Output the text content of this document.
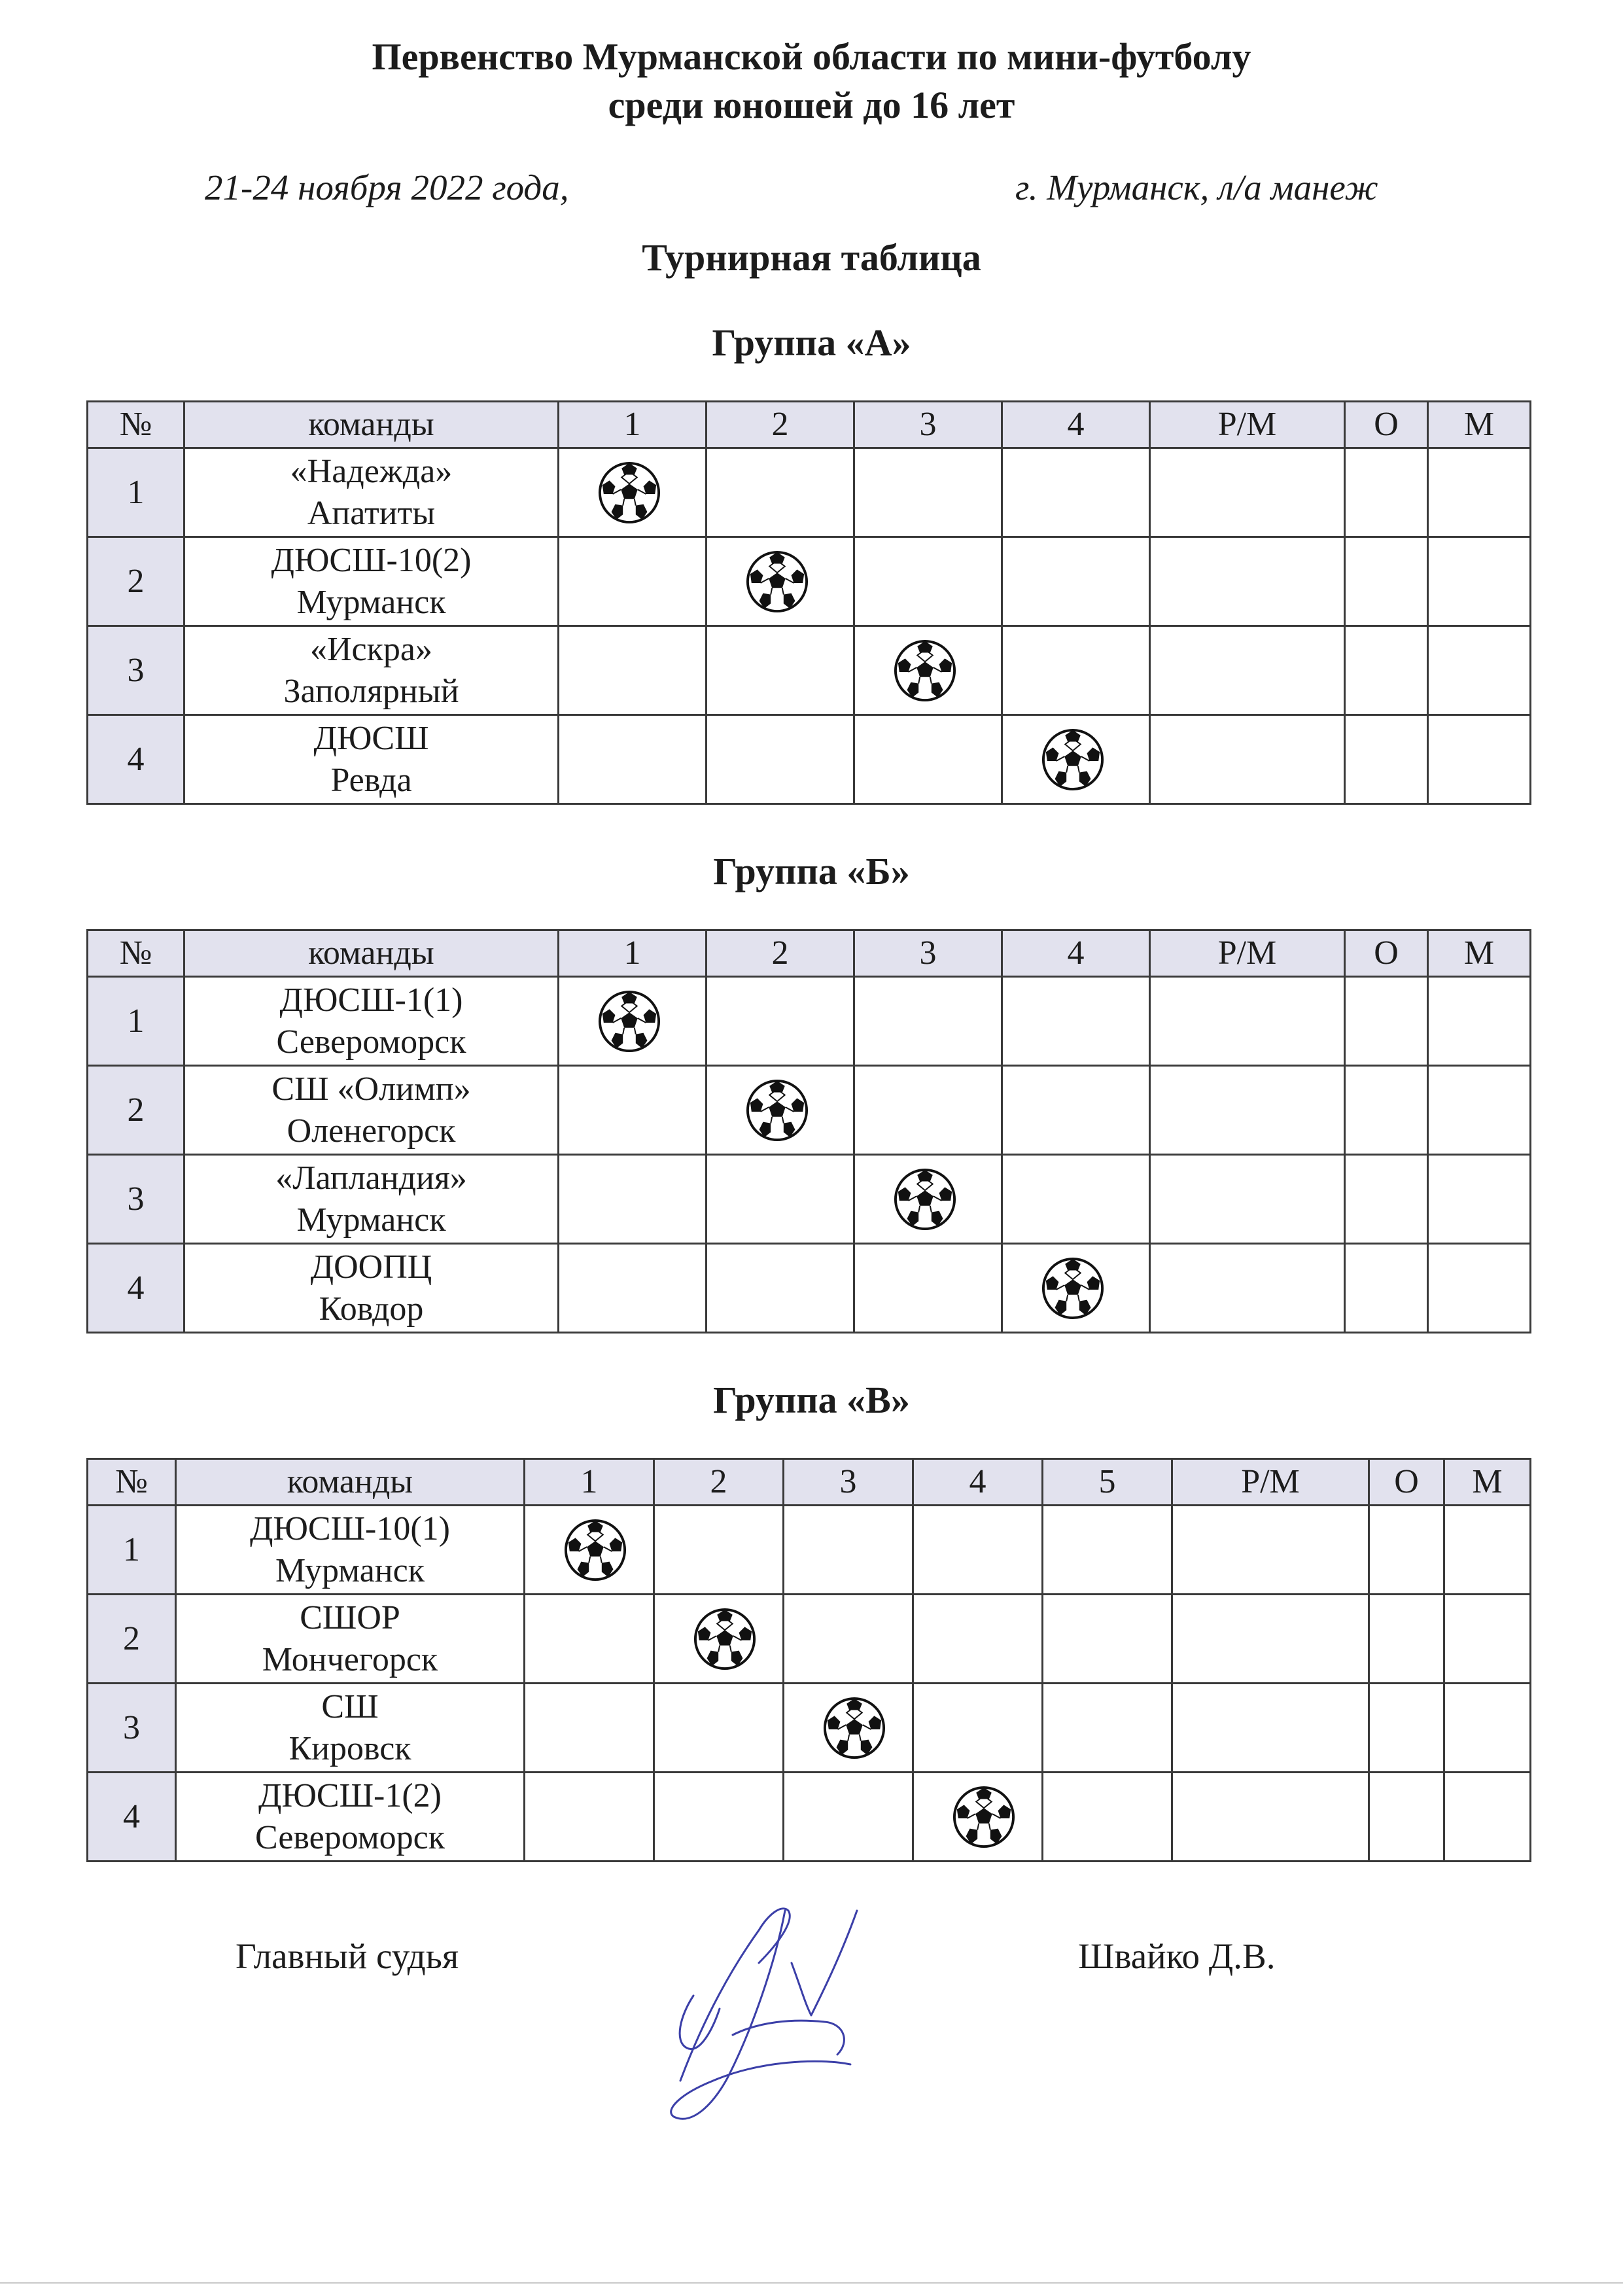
Первенство Мурманской области по мини-футболу
среди юношей до 16 лет
21-24 ноября 2022 года,	г. Мурманск, л/а манеж
Турнирная таблица
Группа «А»
№	команды	1	2	3	4	Р/М	О	М
1	«Надежда»
Апатиты

2	ДЮСШ-10(2)
Мурманск

3	«Искра»
Заполярный

4	ДЮСШ
Ревда

Группа «Б»
№	команды	1	2	3	4	Р/М	О	М
1	ДЮСШ-1(1)
Североморск

2	СШ «Олимп»
Оленегорск

3	«Лапландия»
Мурманск

4	ДООПЦ
Ковдор

Группа «В»
№	команды	1	2	3	4	5	Р/М	О	М
1	ДЮСШ-10(1)
Мурманск

2	СШОР
Мончегорск

3	СШ
Кировск

4	ДЮСШ-1(2)
Североморск

Главный судья	Швайко Д.В.
